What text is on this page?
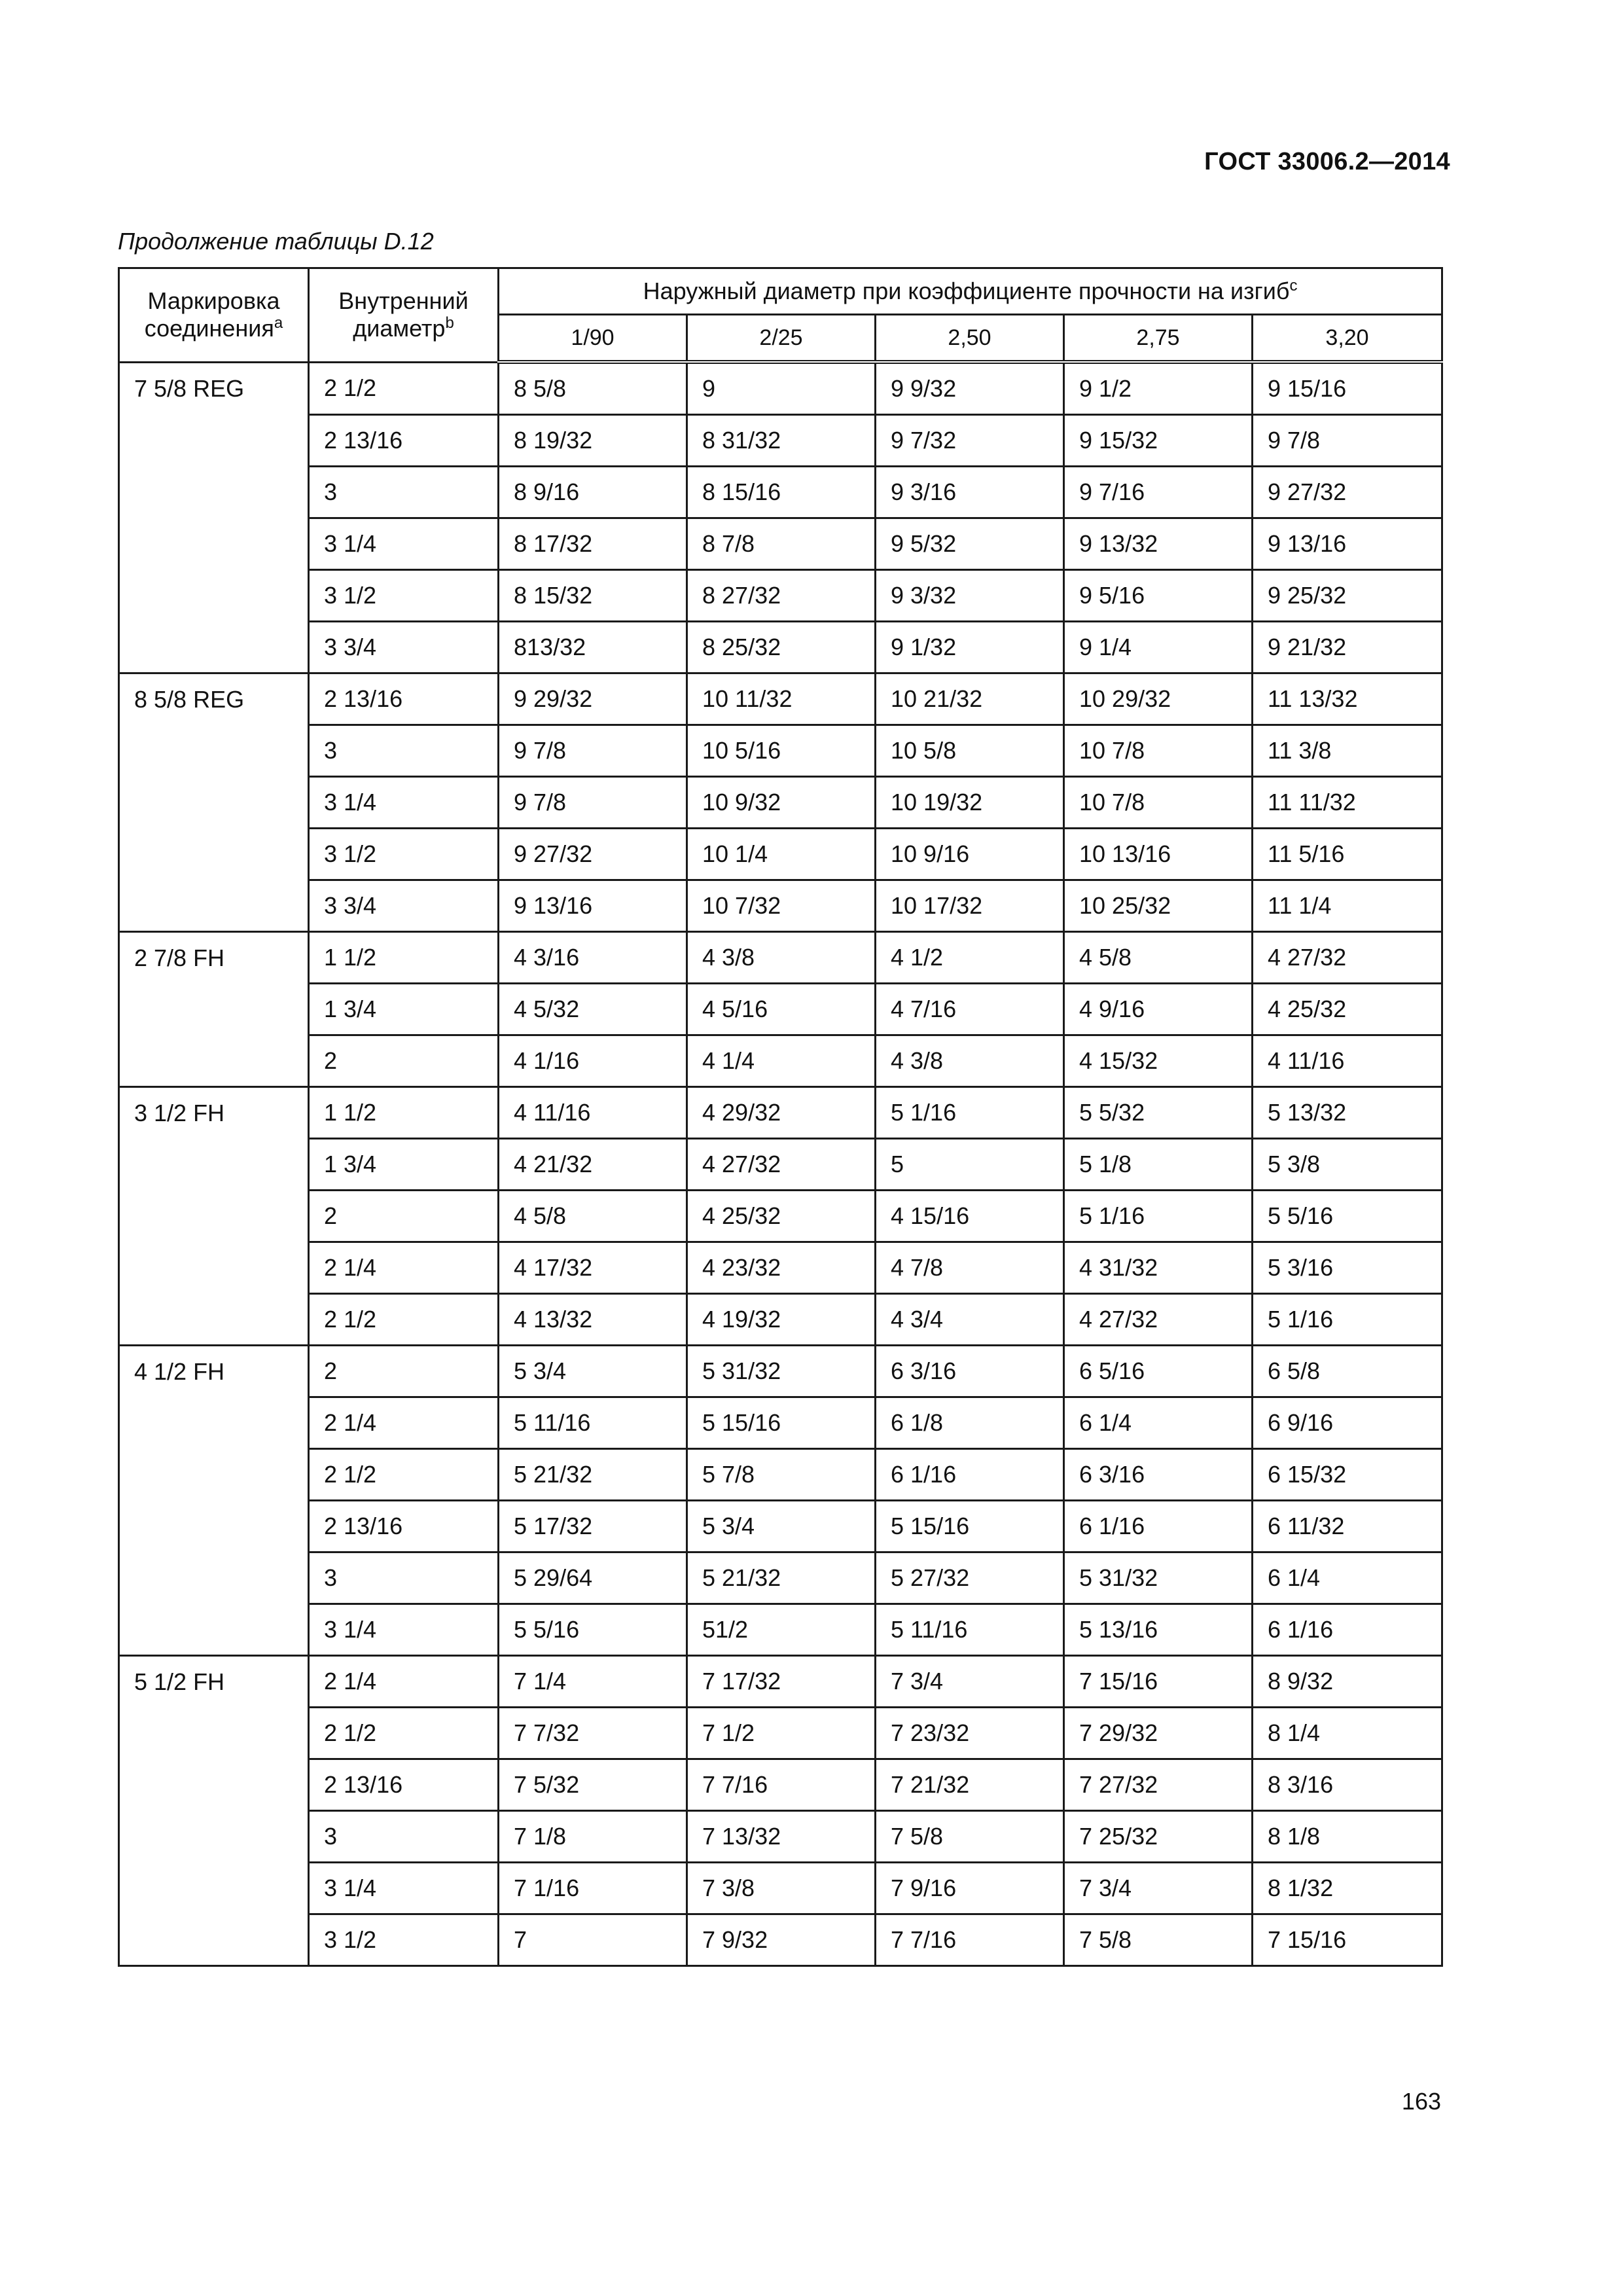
ГОСТ 33006.2—2014
Продолжение таблицы D.12
Маркировка соединения$^a$	Внутренний диаметр$^b$	Наружный диаметр при коэффициенте прочности на изгиб$^c$
		1/90	2/25	2,50	2,75	3,20
7 5/8 REG	2 1/2	8 5/8	9	9 9/32	9 1/2	9 15/16
	2 13/16	8 19/32	8 31/32	9 7/32	9 15/32	9 7/8
	3	8 9/16	8 15/16	9 3/16	9 7/16	9 27/32
	3 1/4	8 17/32	8 7/8	9 5/32	9 13/32	9 13/16
	3 1/2	8 15/32	8 27/32	9 3/32	9 5/16	9 25/32
	3 3/4	813/32	8 25/32	9 1/32	9 1/4	9 21/32
8 5/8 REG	2 13/16	9 29/32	10 11/32	10 21/32	10 29/32	11 13/32
	3	9 7/8	10 5/16	10 5/8	10 7/8	11 3/8
	3 1/4	9 7/8	10 9/32	10 19/32	10 7/8	11 11/32
	3 1/2	9 27/32	10 1/4	10 9/16	10 13/16	11 5/16
	3 3/4	9 13/16	10 7/32	10 17/32	10 25/32	11 1/4
2 7/8 FH	1 1/2	4 3/16	4 3/8	4 1/2	4 5/8	4 27/32
	1 3/4	4 5/32	4 5/16	4 7/16	4 9/16	4 25/32
	2	4 1/16	4 1/4	4 3/8	4 15/32	4 11/16
3 1/2 FH	1 1/2	4 11/16	4 29/32	5 1/16	5 5/32	5 13/32
	1 3/4	4 21/32	4 27/32	5	5 1/8	5 3/8
	2	4 5/8	4 25/32	4 15/16	5 1/16	5 5/16
	2 1/4	4 17/32	4 23/32	4 7/8	4 31/32	5 3/16
	2 1/2	4 13/32	4 19/32	4 3/4	4 27/32	5 1/16
4 1/2 FH	2	5 3/4	5 31/32	6 3/16	6 5/16	6 5/8
	2 1/4	5 11/16	5 15/16	6 1/8	6 1/4	6 9/16
	2 1/2	5 21/32	5 7/8	6 1/16	6 3/16	6 15/32
	2 13/16	5 17/32	5 3/4	5 15/16	6 1/16	6 11/32
	3	5 29/64	5 21/32	5 27/32	5 31/32	6 1/4
	3 1/4	5 5/16	51/2	5 11/16	5 13/16	6 1/16
5 1/2 FH	2 1/4	7 1/4	7 17/32	7 3/4	7 15/16	8 9/32
	2 1/2	7 7/32	7 1/2	7 23/32	7 29/32	8 1/4
	2 13/16	7 5/32	7 7/16	7 21/32	7 27/32	8 3/16
	3	7 1/8	7 13/32	7 5/8	7 25/32	8 1/8
	3 1/4	7 1/16	7 3/8	7 9/16	7 3/4	8 1/32
	3 1/2	7	7 9/32	7 7/16	7 5/8	7 15/16
163
